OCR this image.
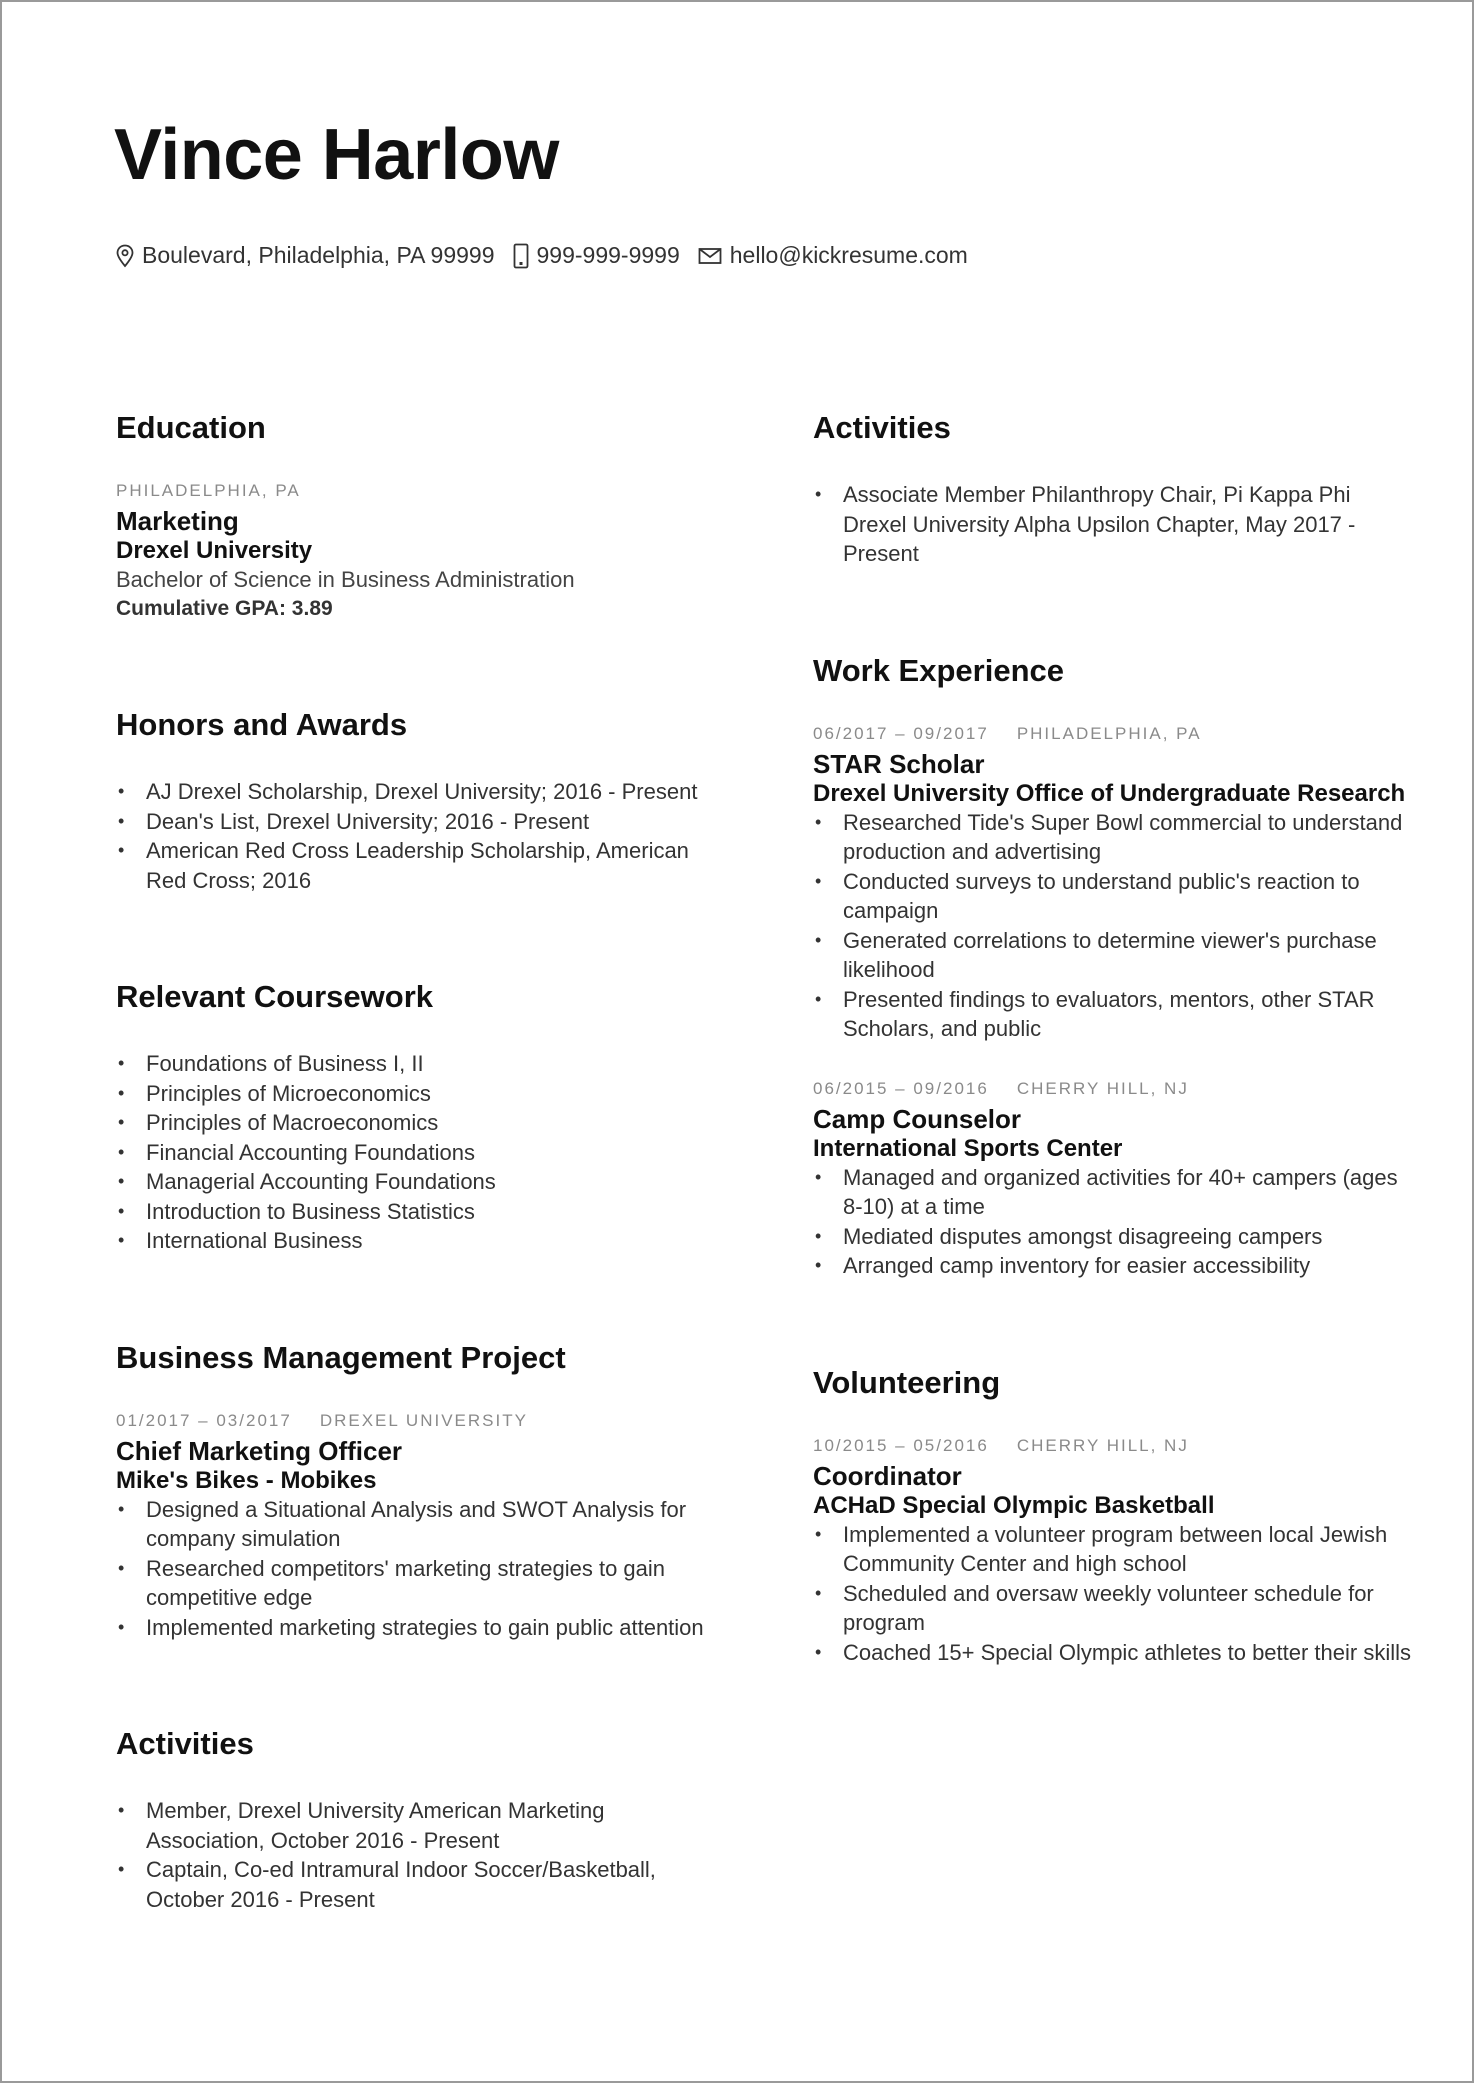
Vince Harlow
Boulevard, Philadelphia, PA 99999 999-999-9999 hello@kickresume.com
Education
PHILADELPHIA, PA
Marketing
Drexel University
Bachelor of Science in Business Administration
Cumulative GPA: 3.89
Honors and Awards
• AJ Drexel Scholarship, Drexel University; 2016 - Present
• Dean's List, Drexel University; 2016 - Present
• American Red Cross Leadership Scholarship, American Red Cross; 2016
Relevant Coursework
• Foundations of Business I, II
• Principles of Microeconomics
• Principles of Macroeconomics
• Financial Accounting Foundations
• Managerial Accounting Foundations
• Introduction to Business Statistics
• International Business
Business Management Project
01/2017 – 03/2017 DREXEL UNIVERSITY
Chief Marketing Officer
Mike's Bikes - Mobikes
• Designed a Situational Analysis and SWOT Analysis for company simulation
• Researched competitors' marketing strategies to gain competitive edge
• Implemented marketing strategies to gain public attention
Activities
• Member, Drexel University American Marketing Association, October 2016 - Present
• Captain, Co-ed Intramural Indoor Soccer/Basketball, October 2016 - Present
Activities
• Associate Member Philanthropy Chair, Pi Kappa Phi Drexel University Alpha Upsilon Chapter, May 2017 - Present
Work Experience
06/2017 – 09/2017 PHILADELPHIA, PA
STAR Scholar
Drexel University Office of Undergraduate Research
• Researched Tide's Super Bowl commercial to understand production and advertising
• Conducted surveys to understand public's reaction to campaign
• Generated correlations to determine viewer's purchase likelihood
• Presented findings to evaluators, mentors, other STAR Scholars, and public
06/2015 – 09/2016 CHERRY HILL, NJ
Camp Counselor
International Sports Center
• Managed and organized activities for 40+ campers (ages 8-10) at a time
• Mediated disputes amongst disagreeing campers
• Arranged camp inventory for easier accessibility
Volunteering
10/2015 – 05/2016 CHERRY HILL, NJ
Coordinator
ACHaD Special Olympic Basketball
• Implemented a volunteer program between local Jewish Community Center and high school
• Scheduled and oversaw weekly volunteer schedule for program
• Coached 15+ Special Olympic athletes to better their skills
